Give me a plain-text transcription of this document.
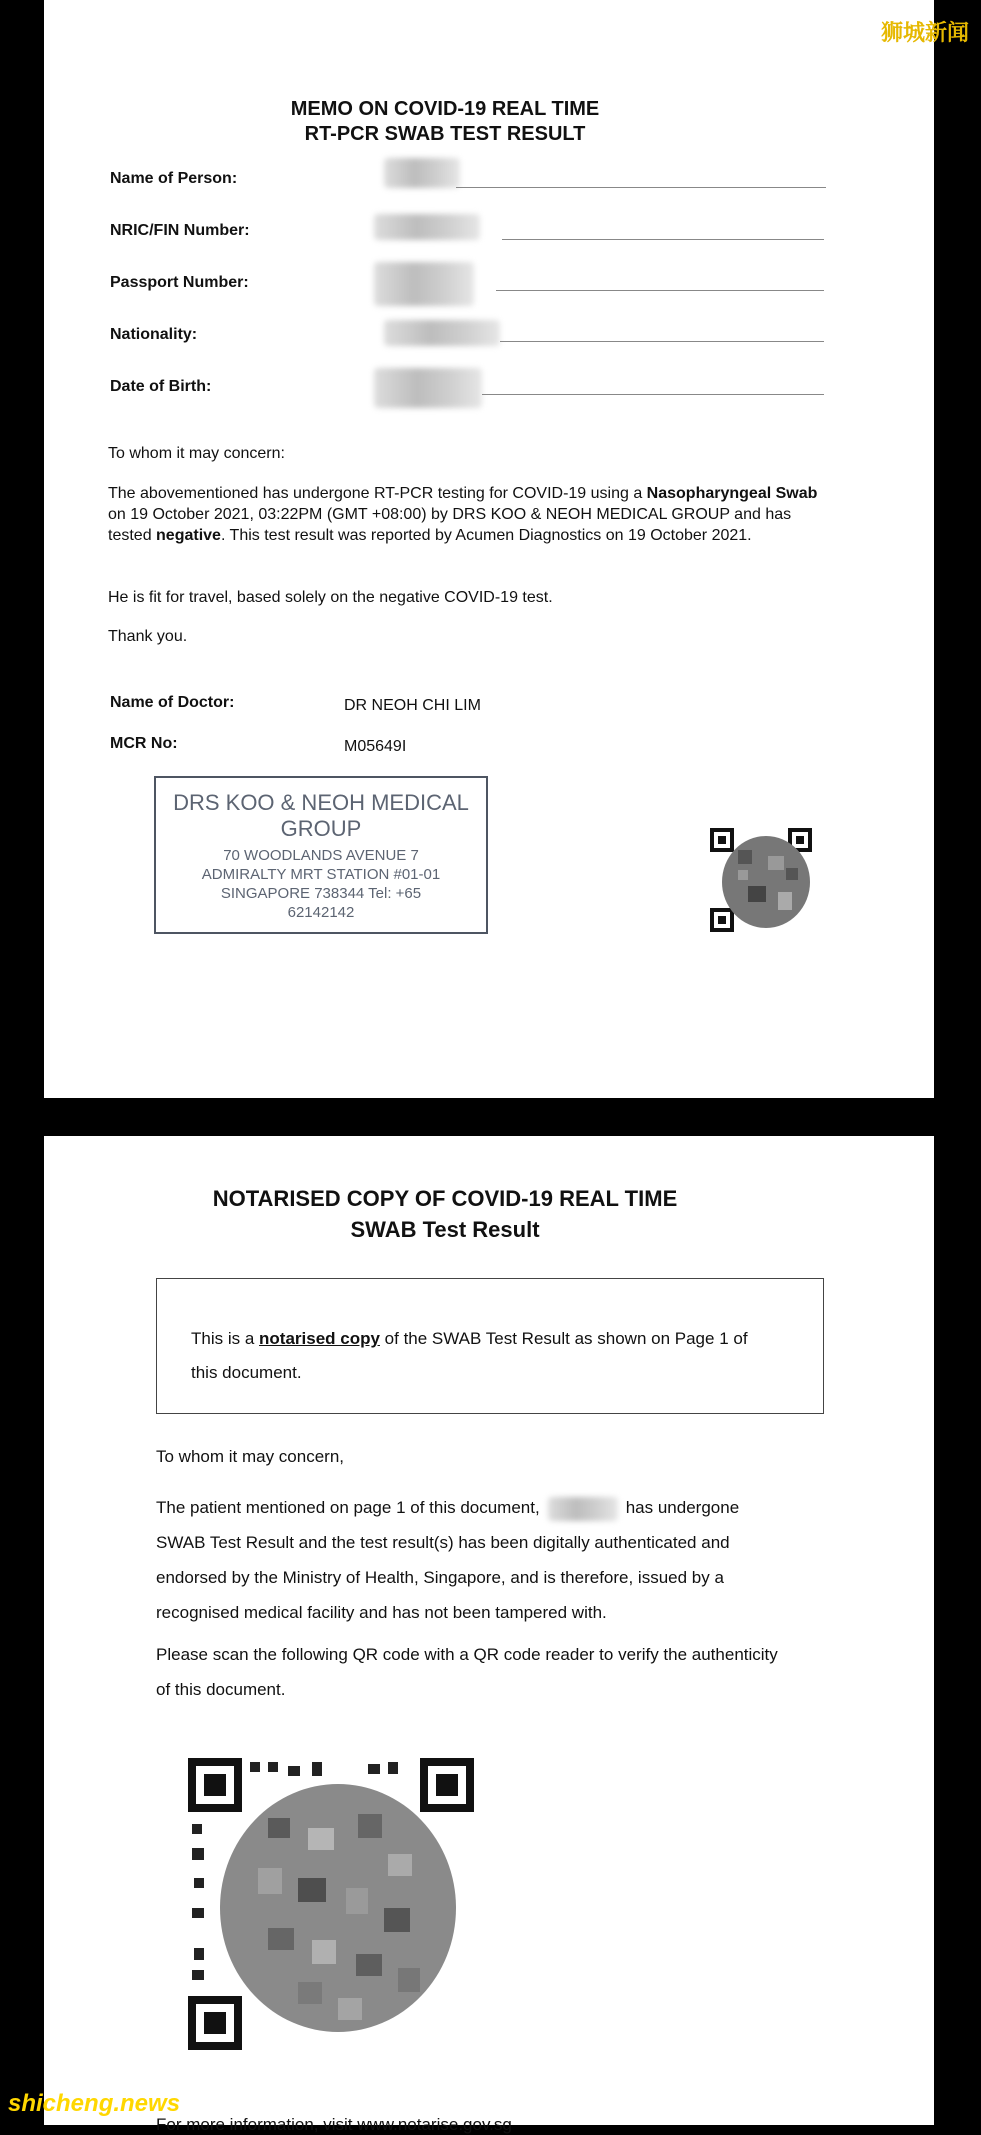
MEMO ON COVID-19 REAL TIME
RT-PCR SWAB TEST RESULT
Name of Person:
NRIC/FIN Number:
Passport Number:
Nationality:
Date of Birth:
To whom it may concern:
The abovementioned has undergone RT-PCR testing for COVID-19 using a Nasopharyngeal Swab on 19 October 2021, 03:22PM (GMT +08:00) by DRS KOO & NEOH MEDICAL GROUP and has tested negative. This test result was reported by Acumen Diagnostics on 19 October 2021.
He is fit for travel, based solely on the negative COVID-19 test.
Thank you.
Name of Doctor:	DR NEOH CHI LIM
MCR No:	M05649I
DRS KOO & NEOH MEDICAL
GROUP
70 WOODLANDS AVENUE 7
ADMIRALTY MRT STATION #01-01
SINGAPORE 738344 Tel: +65
62142142
NOTARISED COPY OF COVID-19 REAL TIME
SWAB Test Result
This is a notarised copy of the SWAB Test Result as shown on Page 1 of
this document.
To whom it may concern,
The patient mentioned on page 1 of this document,	has undergone
SWAB Test Result and the test result(s) has been digitally authenticated and
endorsed by the Ministry of Health, Singapore, and is therefore, issued by a
recognised medical facility and has not been tampered with.
Please scan the following QR code with a QR code reader to verify the authenticity
of this document.
For more information, visit www.notarise.gov.sg
狮城新闻
shicheng.news	微信号: kanxinjiapo
